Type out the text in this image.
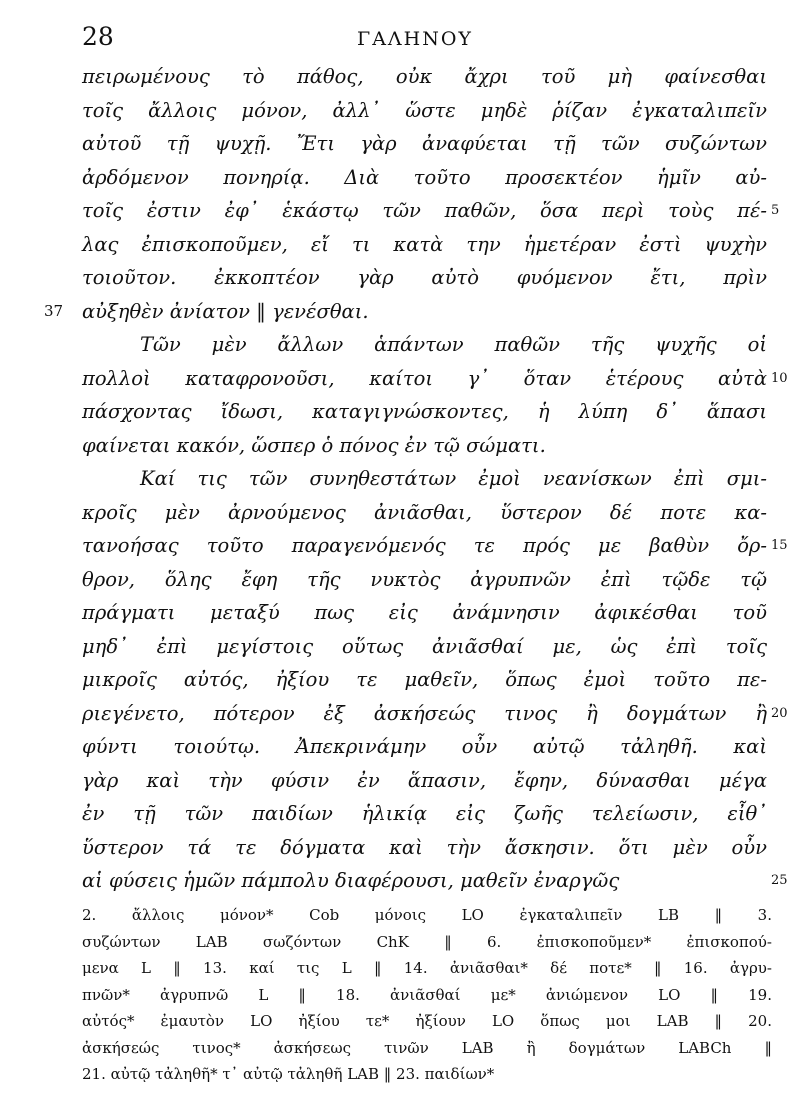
28	ΓΑΛΗΝΟΥ
πειρωμένους τὸ πάθος, οὐκ ἄχρι τοῦ μὴ φαίνεσθαι
τοῖς ἄλλοις μόνον, ἀλλ᾽ ὥστε μηδὲ ῥίζαν ἐγκαταλιπεῖν
αὐτοῦ τῇ ψυχῇ. Ἔτι γὰρ ἀναφύεται τῇ τῶν συζώντων
ἀρδόμενον πονηρίᾳ. Διὰ τοῦτο προσεκτέον ἡμῖν αὐ-
τοῖς ἐστιν ἐφ᾽ ἑκάστῳ τῶν παθῶν, ὅσα περὶ τοὺς πέ- 5
λας ἐπισκοποῦμεν, εἴ τι κατὰ την ἡμετέραν ἐστὶ ψυχὴν
τοιοῦτον. ἐκκοπτέον γὰρ αὐτὸ φυόμενον ἔτι, πρὶν
αὐξηθὲν ἀνίατον ‖ γενέσθαι.
37
Τῶν μὲν ἄλλων ἁπάντων παθῶν τῆς ψυχῆς οἱ
πολλοὶ καταφρονοῦσι, καίτοι γ᾽ ὅταν ἑτέρους αὐτὰ 10
πάσχοντας ἴδωσι, καταγιγνώσκοντες, ἡ λύπη δ᾽ ἅπασι
φαίνεται κακόν, ὥσπερ ὁ πόνος ἐν τῷ σώματι.
Καί τις τῶν συνηθεστάτων ἐμοὶ νεανίσκων ἐπὶ σμι-
κροῖς μὲν ἀρνούμενος ἀνιᾶσθαι, ὕστερον δέ ποτε κα-
τανοήσας τοῦτο παραγενόμενός τε πρός με βαθὺν ὄρ- 15
θρον, ὅλης ἔφη τῆς νυκτὸς ἀγρυπνῶν ἐπὶ τῷδε τῷ
πράγματι μεταξύ πως εἰς ἀνάμνησιν ἀφικέσθαι τοῦ
μηδ᾽ ἐπὶ μεγίστοις οὕτως ἀνιᾶσθαί με, ὡς ἐπὶ τοῖς
μικροῖς αὐτός, ἠξίου τε μαθεῖν, ὅπως ἐμοὶ τοῦτο πε-
ριεγένετο, πότερον ἐξ ἀσκήσεώς τινος ἢ δογμάτων ἢ 20
φύντι τοιούτῳ. Ἀπεκρινάμην οὖν αὐτῷ τἀληθῆ. καὶ
γὰρ καὶ τὴν φύσιν ἐν ἅπασιν, ἔφην, δύνασθαι μέγα
ἐν τῇ τῶν παιδίων ἡλικίᾳ εἰς ζωῆς τελείωσιν, εἶθ᾽
ὕστερον τά τε δόγματα καὶ τὴν ἄσκησιν. ὅτι μὲν οὖν
αἱ φύσεις ἡμῶν πάμπολυ διαφέρουσι, μαθεῖν ἐναργῶς	25
2. ἄλλοις μόνον* Cob μόνοις LO ἐγκαταλιπεῖν LB ‖ 3.
συζώντων LAB σωζόντων ChK ‖ 6. ἐπισκοποῦμεν* ἐπισκοπού-
μενα L ‖ 13. καί τις L ‖ 14. ἀνιᾶσθαι* δέ ποτε* ‖ 16. ἀγρυ-
πνῶν* ἀγρυπνῶ L ‖ 18. ἀνιᾶσθαί με* ἀνιώμενον LO ‖ 19.
αὐτός* ἐμαυτὸν LO ἠξίου τε* ἠξίουν LO ὅπως μοι LAB ‖ 20.
ἀσκήσεώς τινος* ἀσκήσεως τινῶν LAB ἢ δογμάτων LABCh ‖
21. αὐτῷ τἀληθῆ* τ᾽ αὐτῷ τἀληθῆ LAB ‖ 23. παιδίων*
